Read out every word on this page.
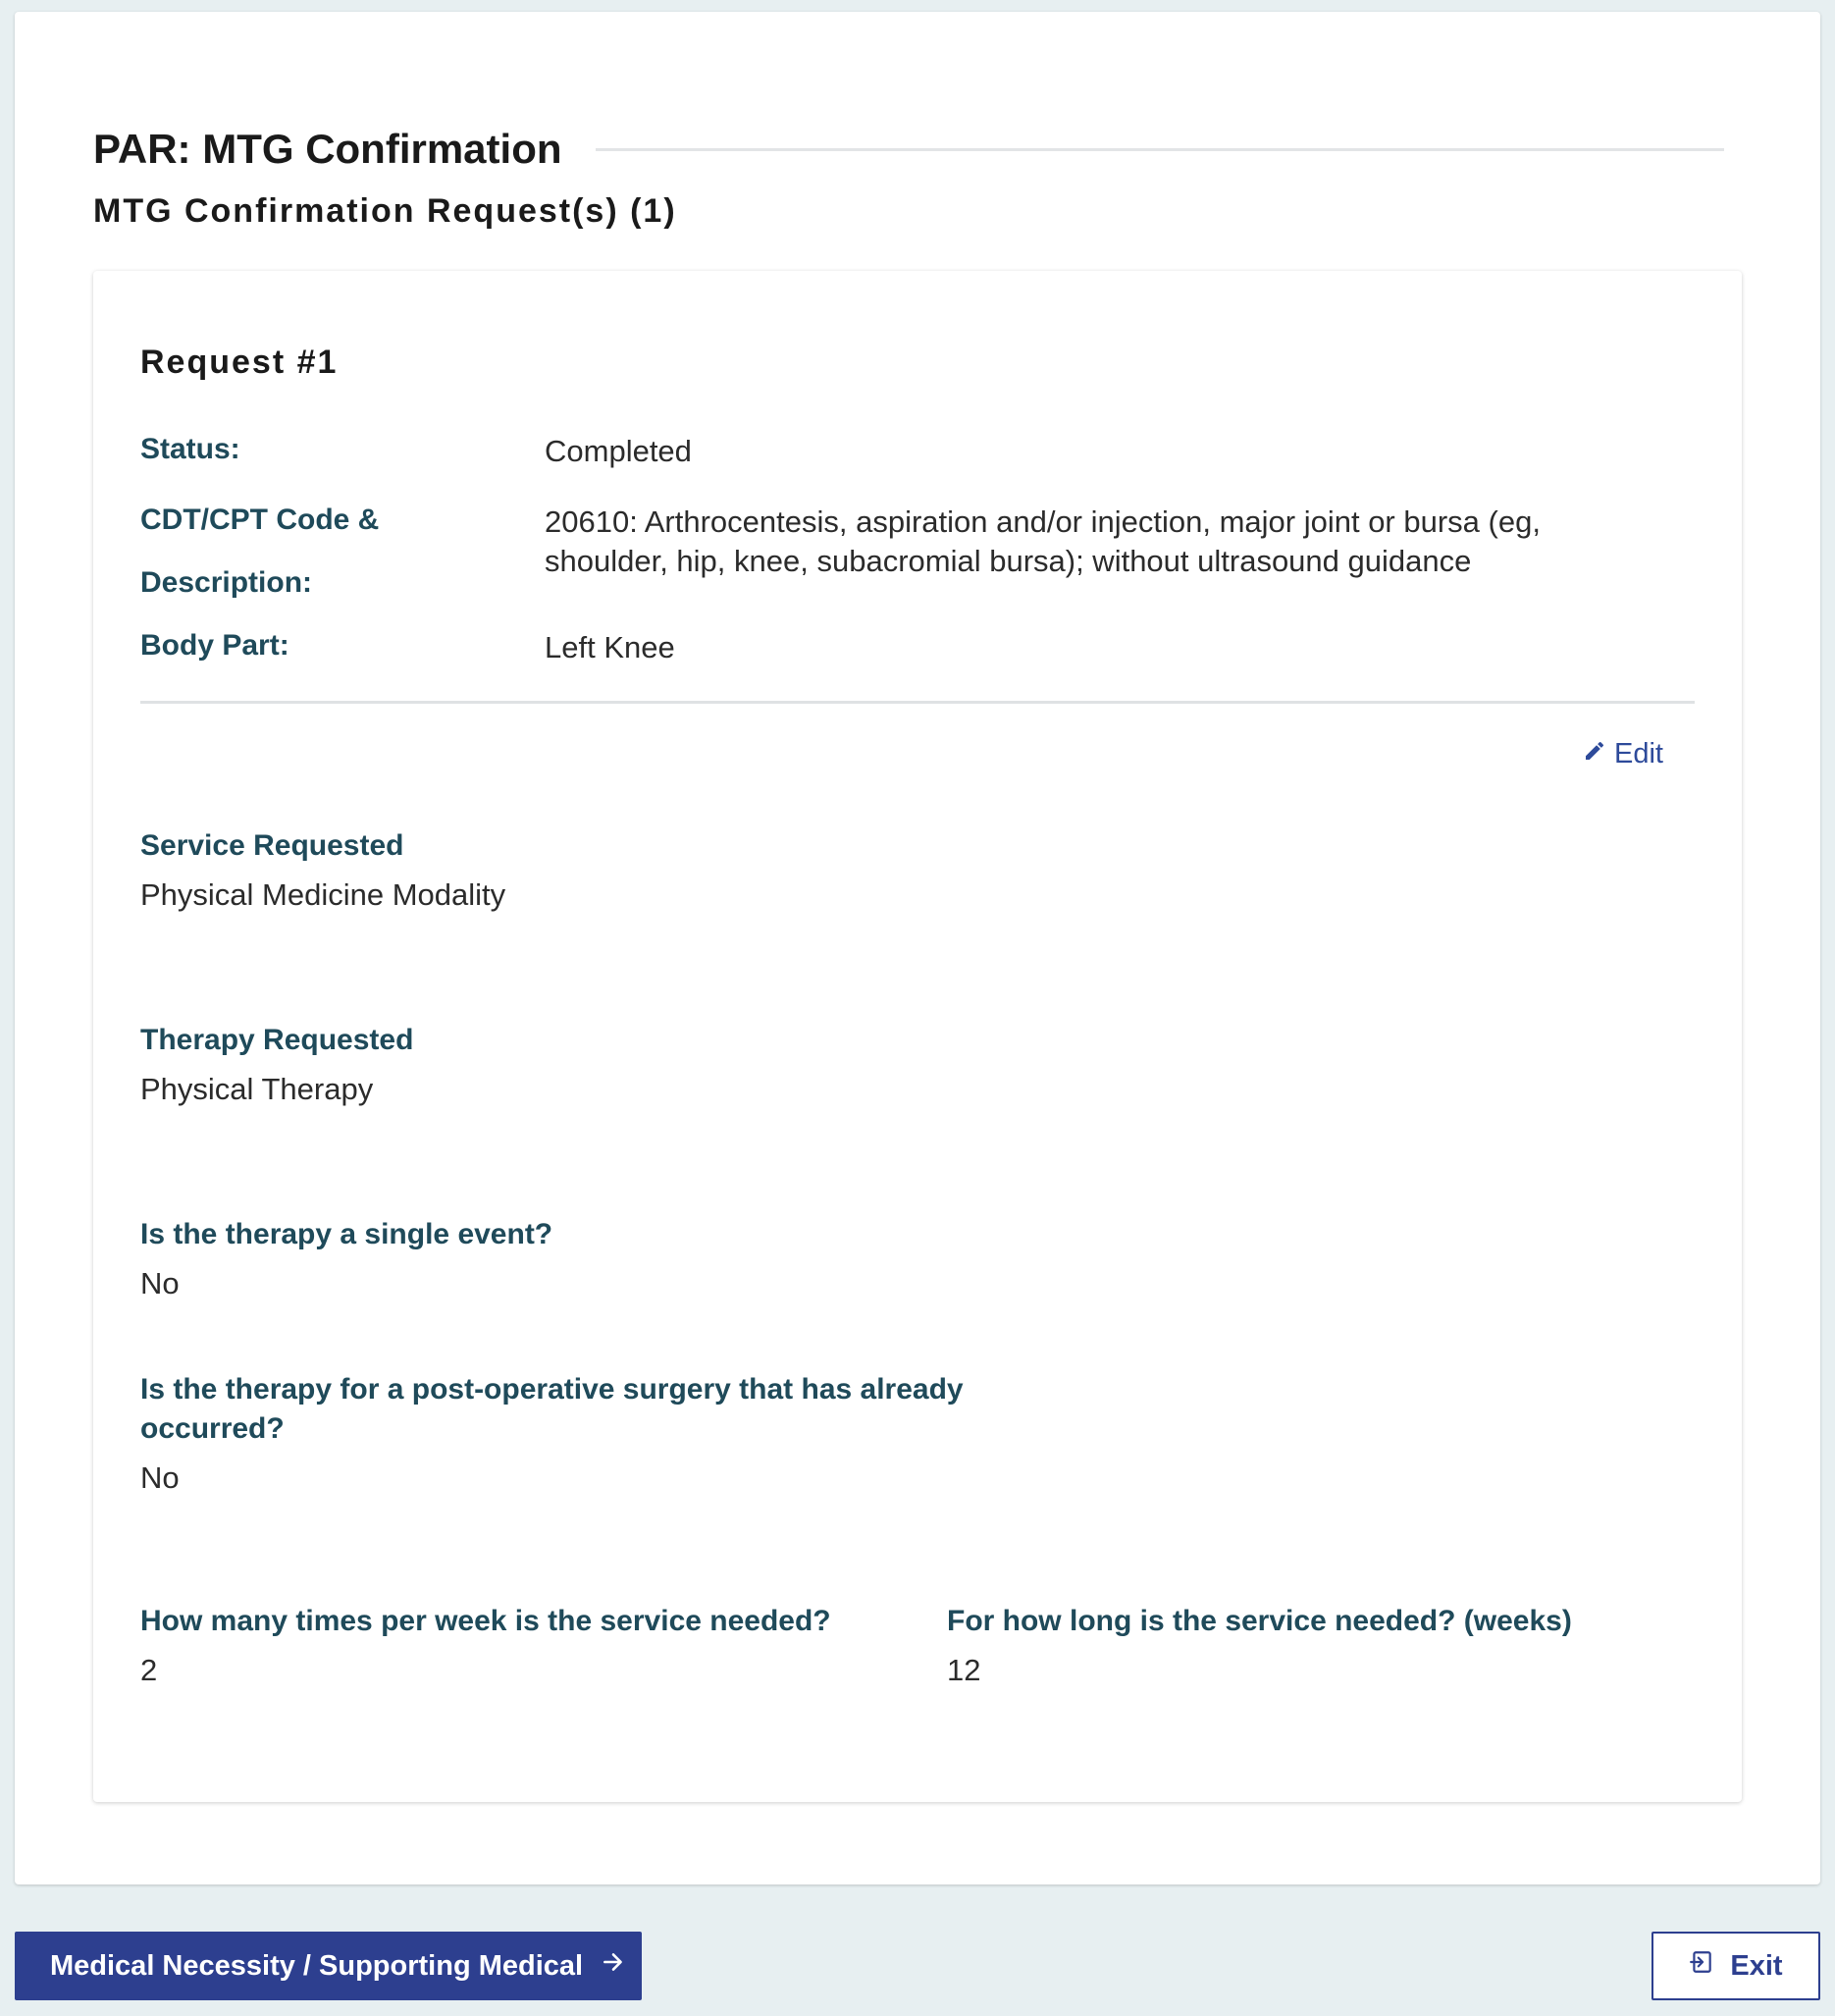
PAR: MTG Confirmation
MTG Confirmation Request(s) (1)
Request #1
Status:	Completed
CDT/CPT Code &
Description:
20610: Arthrocentesis, aspiration and/or injection, major joint or bursa (eg, shoulder, hip, knee, subacromial bursa); without ultrasound guidance
Body Part:	Left Knee
Edit
Service Requested
Physical Medicine Modality
Therapy Requested
Physical Therapy
Is the therapy a single event?
No
Is the therapy for a post-operative surgery that has already occurred?
No
How many times per week is the service needed?
2
For how long is the service needed? (weeks)
12
Medical Necessity / Supporting Medical	Exit
